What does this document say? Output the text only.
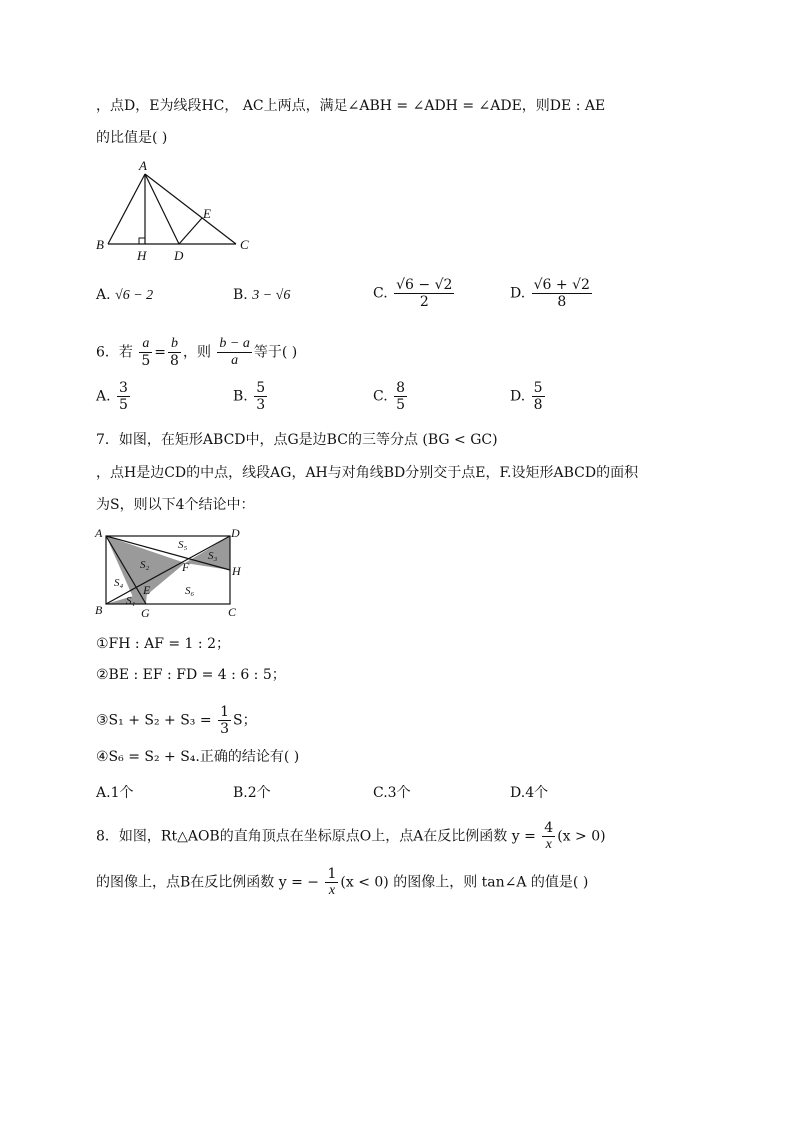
，点D，E为线段HC， AC上两点，满足∠ABH = ∠ADH = ∠ADE，则DE : AE
的比值是( )
A
B	C
D
E
H
A. √6 − 2	B. 3 − √6	C. $\frac{√6 - √2}{2}$	D. $\frac{√6 + √2}{8}$
6．若 $\frac{a}{5} = \frac{b}{8}$ ，则 $\frac{b - a}{a}$ 等于( )
A. $\frac{3}{5}$	B. $\frac{5}{3}$	C. $\frac{8}{5}$	D. $\frac{5}{8}$
7．如图，在矩形ABCD中，点G是边BC的三等分点 (BG < GC)
，点H是边CD的中点，线段AG，AH与对角线BD分别交于点E，F.设矩形ABCD的面积
为S，则以下4个结论中：
A	D
B	C
G
H
E
F
S₁
S₂
S₃
S₄
S₅
S₆
①FH : AF = 1 : 2；
②BE : EF : FD = 4 : 6 : 5；
③S₁ + $S_2 + S_3 = \frac{1}{3}$ S；
④S₆ = S₂ + S₄.正确的结论有( )
A.1个	B.2个	C.3个	D.4个
8．如图，Rt△AOB的直角顶点在坐标原点O上，点A在反比例函数 $y = \frac{4}{x} (x > 0)$
的图像上，点B在反比例函数 y = − $\frac{1}{x} (x < 0)$ 的图像上，则 tan∠A 的值是( )
